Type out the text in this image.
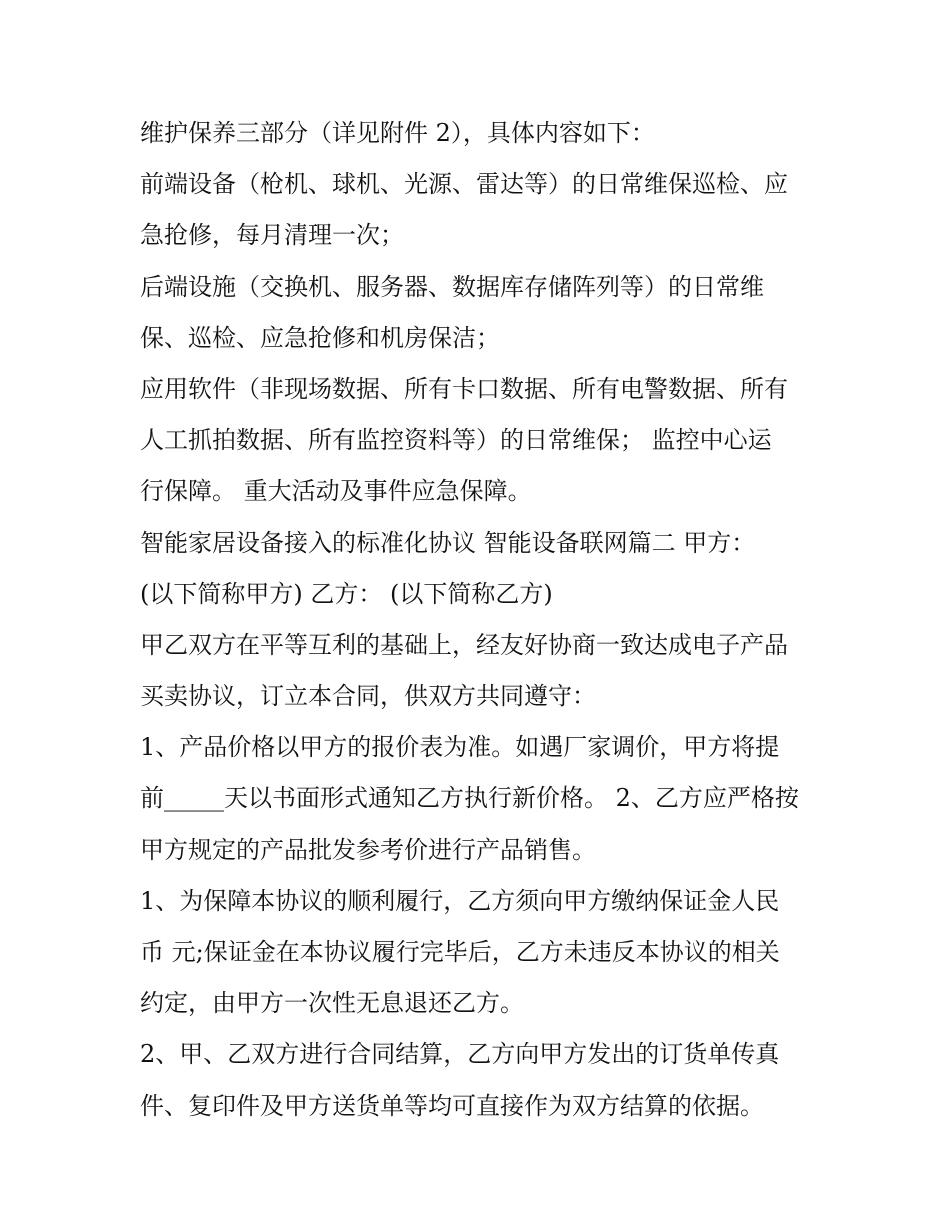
维护保养三部分（详见附件 2），具体内容如下：
前端设备（枪机、球机、光源、雷达等）的日常维保巡检、应
急抢修，每月清理一次；
后端设施（交换机、服务器、数据库存储阵列等）的日常维
保、巡检、应急抢修和机房保洁；
应用软件（非现场数据、所有卡口数据、所有电警数据、所有
人工抓拍数据、所有监控资料等）的日常维保； 监控中心运
行保障。 重大活动及事件应急保障。
智能家居设备接入的标准化协议 智能设备联网篇二 甲方：
(以下简称甲方) 乙方： (以下简称乙方)
甲乙双方在平等互利的基础上，经友好协商一致达成电子产品
买卖协议，订立本合同，供双方共同遵守：
1、产品价格以甲方的报价表为准。如遇厂家调价，甲方将提
前_____天以书面形式通知乙方执行新价格。 2、乙方应严格按
甲方规定的产品批发参考价进行产品销售。
1、为保障本协议的顺利履行，乙方须向甲方缴纳保证金人民
币 元;保证金在本协议履行完毕后，乙方未违反本协议的相关
约定，由甲方一次性无息退还乙方。
2、甲、乙双方进行合同结算，乙方向甲方发出的订货单传真
件、复印件及甲方送货单等均可直接作为双方结算的依据。
